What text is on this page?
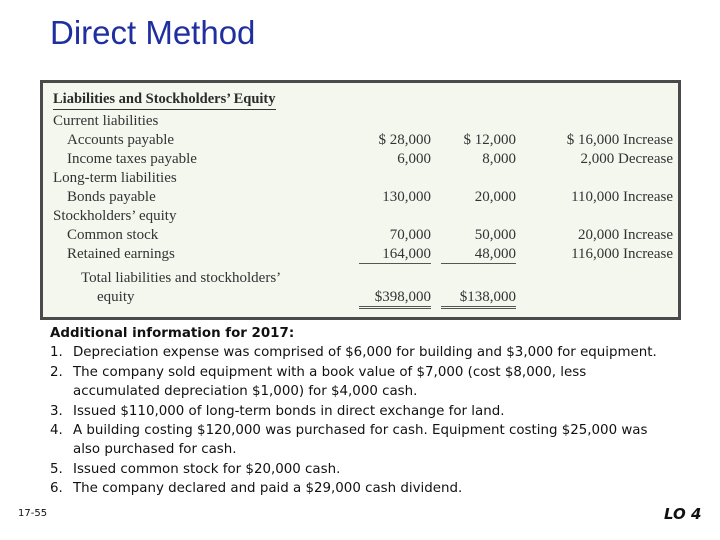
Direct Method
Liabilities and Stockholders’ Equity
Current liabilities
Accounts payable	$ 28,000	$ 12,000	$ 16,000 Increase
Income taxes payable	6,000	8,000	2,000 Decrease
Long-term liabilities
Bonds payable	130,000	20,000	110,000 Increase
Stockholders’ equity
Common stock	70,000	50,000	20,000 Increase
Retained earnings	164,000	48,000	116,000 Increase
Total liabilities and stockholders’
equity	$398,000	$138,000
Additional information for 2017:
1. Depreciation expense was comprised of $6,000 for building and $3,000 for equipment.
2. The company sold equipment with a book value of $7,000 (cost $8,000, less accumulated depreciation $1,000) for $4,000 cash.
3. Issued $110,000 of long-term bonds in direct exchange for land.
4. A building costing $120,000 was purchased for cash. Equipment costing $25,000 was also purchased for cash.
5. Issued common stock for $20,000 cash.
6. The company declared and paid a $29,000 cash dividend.
17-55	LO 4
